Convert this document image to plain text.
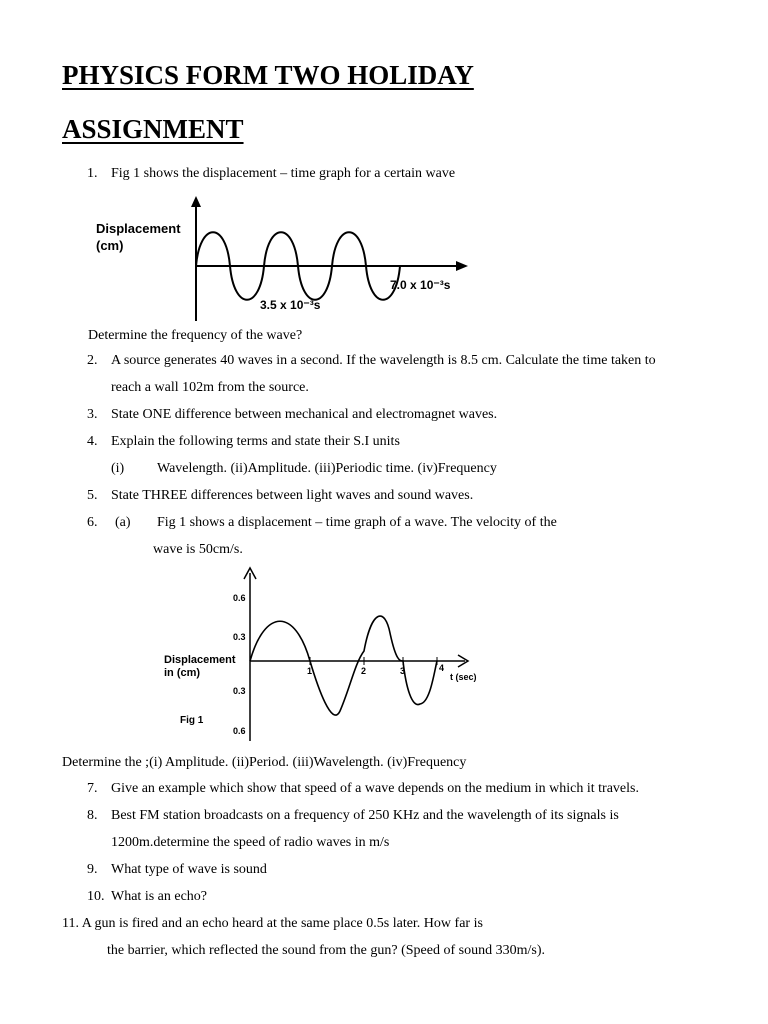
PHYSICS FORM TWO HOLIDAY
ASSIGNMENT
1. Fig 1 shows the displacement – time graph for a certain wave
Displacement
(cm)
3.5 x 10⁻³s
7.0 x 10⁻³s
Determine the frequency of the wave?
2. A source generates 40 waves in a second. If the wavelength is 8.5 cm. Calculate the time taken to
reach a wall 102m from the source.
3. State ONE difference between mechanical and electromagnet waves.
4. Explain the following terms and state their S.I units
(i) Wavelength. (ii)Amplitude. (iii)Periodic time. (iv)Frequency
5. State THREE differences between light waves and sound waves.
6. (a) Fig 1 shows a displacement – time graph of a wave. The velocity of the
wave is 50cm/s.
0.6
0.3
0.3
0.6
1	2	3	4
t (sec)
Displacement
in (cm)
Fig 1
Determine the ;(i) Amplitude. (ii)Period. (iii)Wavelength. (iv)Frequency
7. Give an example which show that speed of a wave depends on the medium in which it travels.
8. Best FM station broadcasts on a frequency of 250 KHz and the wavelength of its signals is
1200m.determine the speed of radio waves in m/s
9. What type of wave is sound
10. What is an echo?
11. A gun is fired and an echo heard at the same place 0.5s later. How far is
the barrier, which reflected the sound from the gun? (Speed of sound 330m/s).
